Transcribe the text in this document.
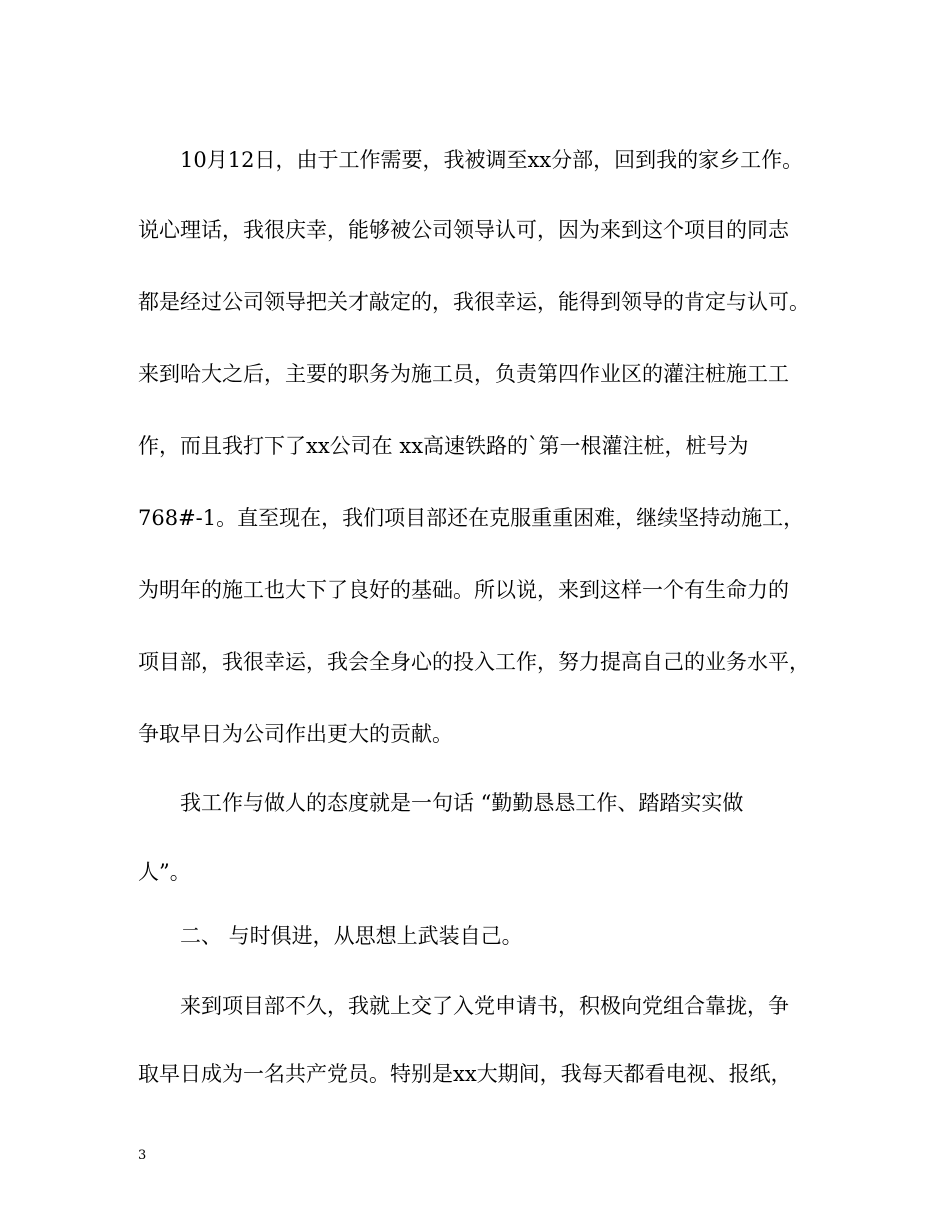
10月12日，由于工作需要，我被调至xx分部，回到我的家乡工作。
说心理话，我很庆幸，能够被公司领导认可，因为来到这个项目的同志
都是经过公司领导把关才敲定的，我很幸运，能得到领导的肯定与认可。
来到哈大之后，主要的职务为施工员，负责第四作业区的灌注桩施工工
作，而且我打下了xx公司在 xx高速铁路的`第一根灌注桩，桩号为
768#-1。直至现在，我们项目部还在克服重重困难，继续坚持动施工，
为明年的施工也大下了良好的基础。所以说，来到这样一个有生命力的
项目部，我很幸运，我会全身心的投入工作，努力提高自己的业务水平，
争取早日为公司作出更大的贡献。
我工作与做人的态度就是一句话 “勤勤恳恳工作、踏踏实实做
人”。
二、 与时俱进，从思想上武装自己。
来到项目部不久，我就上交了入党申请书，积极向党组合靠拢，争
取早日成为一名共产党员。特别是xx大期间，我每天都看电视、报纸，
3
